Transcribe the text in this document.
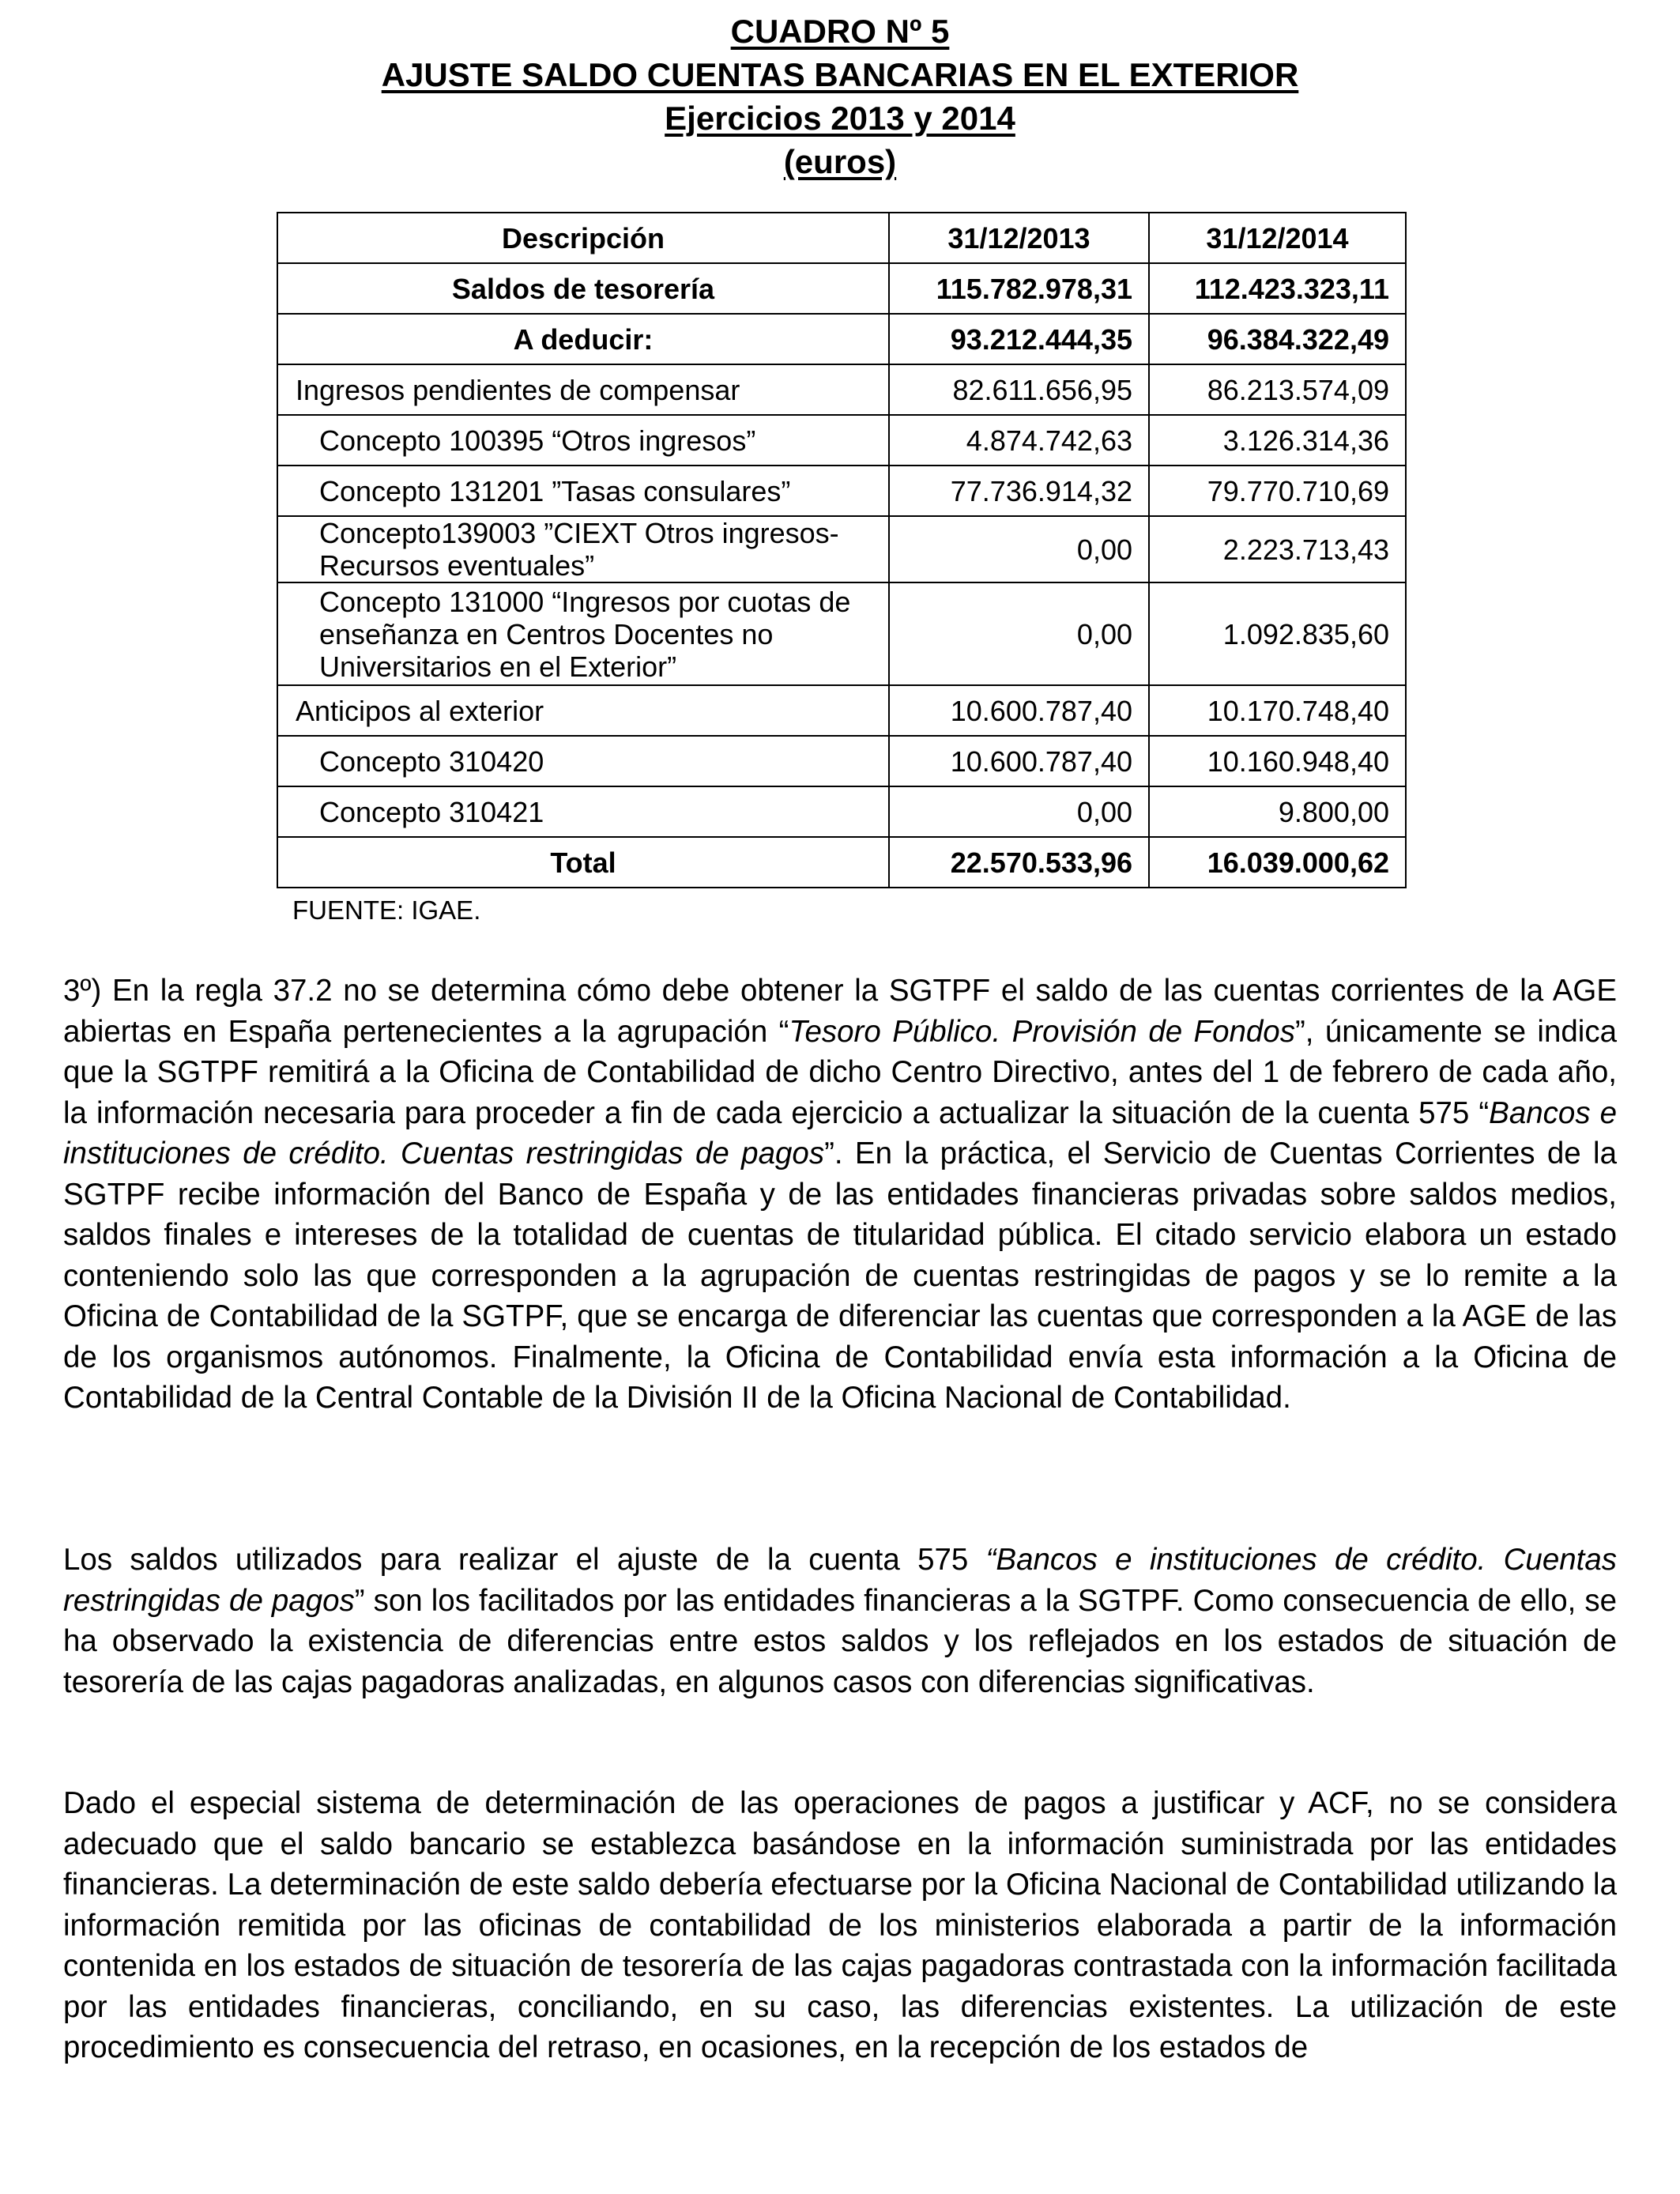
CUADRO Nº 5
AJUSTE SALDO CUENTAS BANCARIAS EN EL EXTERIOR
Ejercicios 2013 y 2014
(euros)
Descripción	31/12/2013	31/12/2014
Saldos de tesorería	115.782.978,31	112.423.323,11
A deducir:	93.212.444,35	96.384.322,49
Ingresos pendientes de compensar	82.611.656,95	86.213.574,09
Concepto 100395 “Otros ingresos”	4.874.742,63	3.126.314,36
Concepto 131201 ”Tasas consulares”	77.736.914,32	79.770.710,69

Concepto139003 ”CIEXT Otros ingresos-
Recursos eventuales”	0,00	2.223.713,43

Concepto 131000 “Ingresos por cuotas de
enseñanza en Centros Docentes no
Universitarios en el Exterior”	0,00	1.092.835,60
Anticipos al exterior	10.600.787,40	10.170.748,40
Concepto 310420	10.600.787,40	10.160.948,40
Concepto 310421	0,00	9.800,00
Total	22.570.533,96	16.039.000,62
FUENTE: IGAE.
3º) En la regla 37.2 no se determina cómo debe obtener la SGTPF el saldo de las cuentas corrientes de la AGE abiertas en España pertenecientes a la agrupación “Tesoro Público. Provisión de Fondos”, únicamente se indica que la SGTPF remitirá a la Oficina de Contabilidad de dicho Centro Directivo, antes del 1 de febrero de cada año, la información necesaria para proceder a fin de cada ejercicio a actualizar la situación de la cuenta 575 “Bancos e instituciones de crédito. Cuentas restringidas de pagos”. En la práctica, el Servicio de Cuentas Corrientes de la SGTPF recibe información del Banco de España y de las entidades financieras privadas sobre saldos medios, saldos finales e intereses de la totalidad de cuentas de titularidad pública. El citado servicio elabora un estado conteniendo solo las que corresponden a la agrupación de cuentas restringidas de pagos y se lo remite a la Oficina de Contabilidad de la SGTPF, que se encarga de diferenciar las cuentas que corresponden a la AGE de las de los organismos autónomos. Finalmente, la Oficina de Contabilidad envía esta información a la Oficina de Contabilidad de la Central Contable de la División II de la Oficina Nacional de Contabilidad.
Los saldos utilizados para realizar el ajuste de la cuenta 575 “Bancos e instituciones de crédito. Cuentas restringidas de pagos” son los facilitados por las entidades financieras a la SGTPF. Como consecuencia de ello, se ha observado la existencia de diferencias entre estos saldos y los reflejados en los estados de situación de tesorería de las cajas pagadoras analizadas, en algunos casos con diferencias significativas.
Dado el especial sistema de determinación de las operaciones de pagos a justificar y ACF, no se considera adecuado que el saldo bancario se establezca basándose en la información suministrada por las entidades financieras. La determinación de este saldo debería efectuarse por la Oficina Nacional de Contabilidad utilizando la información remitida por las oficinas de contabilidad de los ministerios elaborada a partir de la información contenida en los estados de situación de tesorería de las cajas pagadoras contrastada con la información facilitada por las entidades financieras, conciliando, en su caso, las diferencias existentes. La utilización de este procedimiento es consecuencia del retraso, en ocasiones, en la recepción de los estados de
